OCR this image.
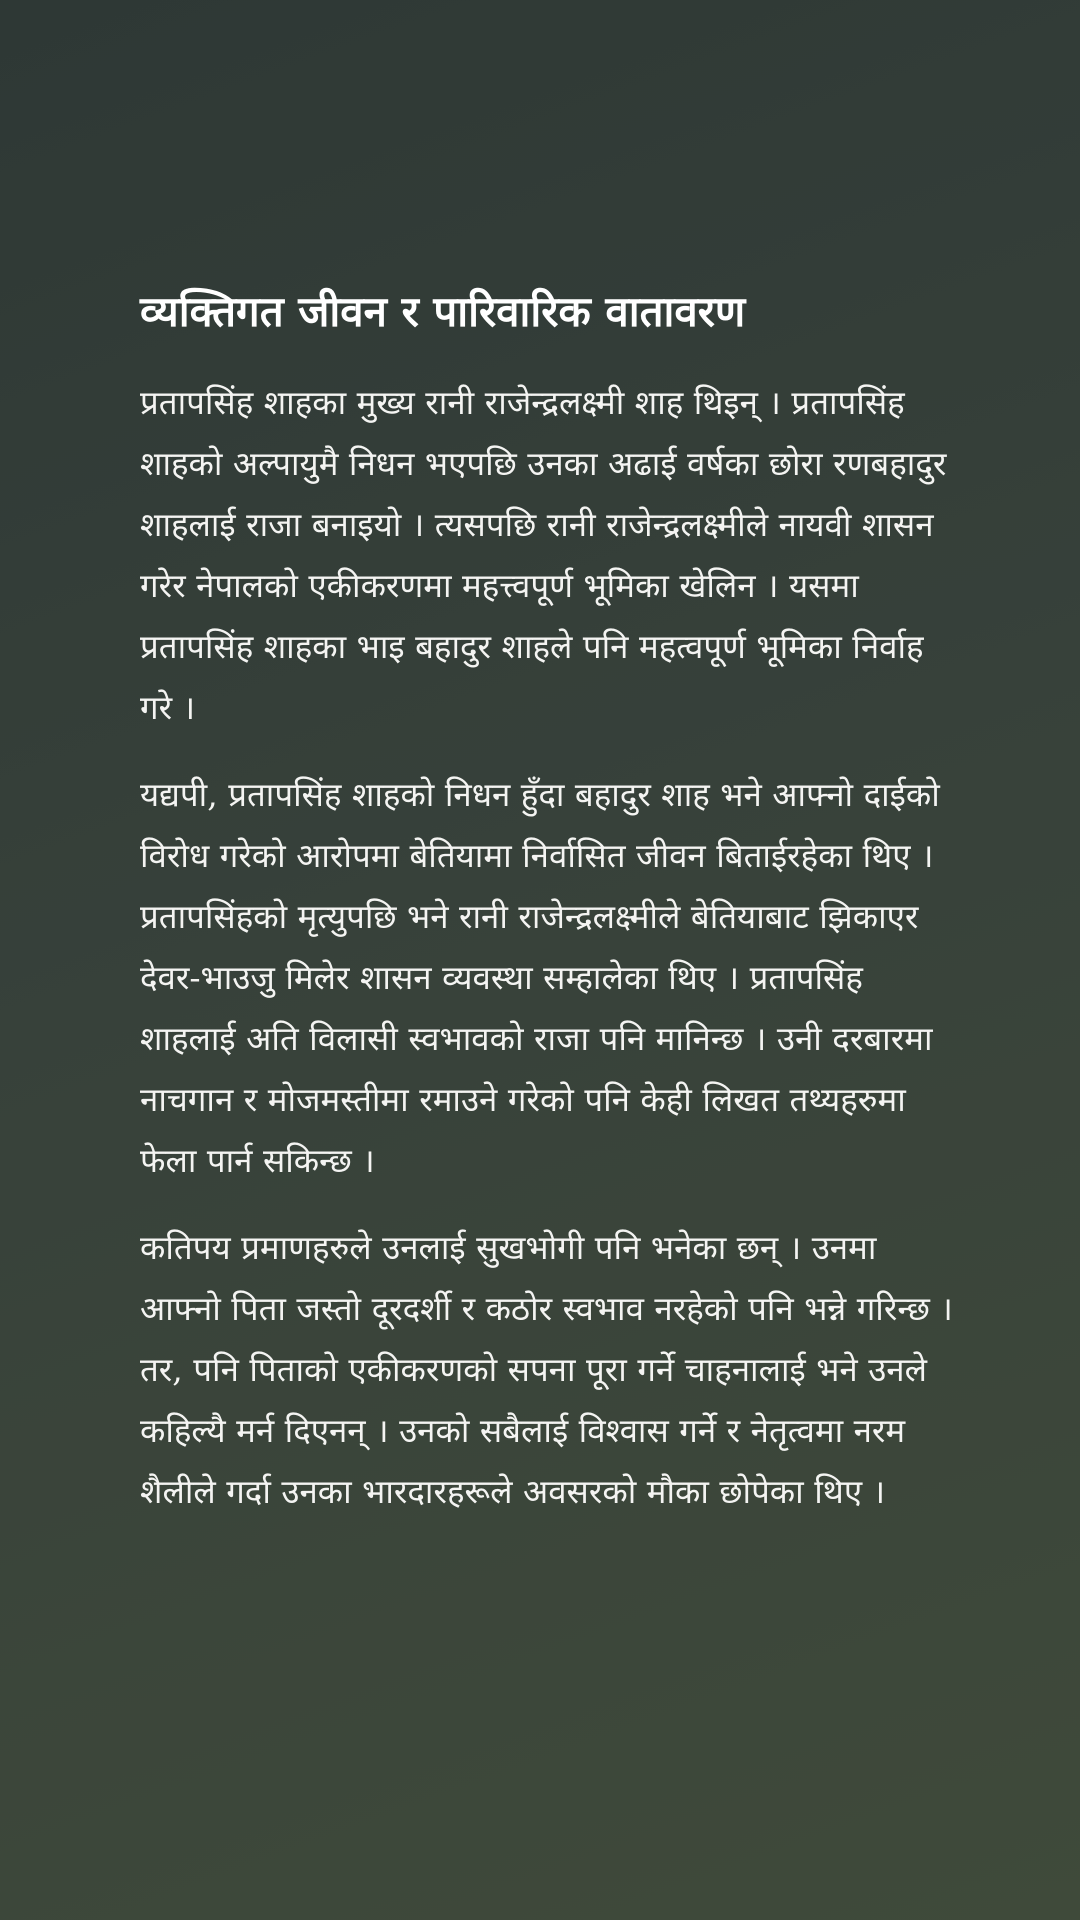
व्यक्तिगत जीवन र पारिवारिक वातावरण

प्रतापसिंह शाहका मुख्य रानी राजेन्द्रलक्ष्मी शाह थिइन् । प्रतापसिंह शाहको अल्पायुमै निधन भएपछि उनका अढाई वर्षका छोरा रणबहादुर शाहलाई राजा बनाइयो । त्यसपछि रानी राजेन्द्रलक्ष्मीले नायवी शासन गरेर नेपालको एकीकरणमा महत्त्वपूर्ण भूमिका खेलिन । यसमा प्रतापसिंह शाहका भाइ बहादुर शाहले पनि महत्वपूर्ण भूमिका निर्वाह गरे ।

यद्यपी, प्रतापसिंह शाहको निधन हुँदा बहादुर शाह भने आफ्नो दाईको विरोध गरेको आरोपमा बेतियामा निर्वासित जीवन बिताईरहेका थिए । प्रतापसिंहको मृत्युपछि भने रानी राजेन्द्रलक्ष्मीले बेतियाबाट झिकाएर देवर-भाउजु मिलेर शासन व्यवस्था सम्हालेका थिए । प्रतापसिंह शाहलाई अति विलासी स्वभावको राजा पनि मानिन्छ । उनी दरबारमा नाचगान र मोजमस्तीमा रमाउने गरेको पनि केही लिखत तथ्यहरुमा फेला पार्न सकिन्छ ।

कतिपय प्रमाणहरुले उनलाई सुखभोगी पनि भनेका छन् । उनमा आफ्नो पिता जस्तो दूरदर्शी र कठोर स्वभाव नरहेको पनि भन्ने गरिन्छ । तर, पनि पिताको एकीकरणको सपना पूरा गर्ने चाहनालाई भने उनले कहिल्यै मर्न दिएनन् । उनको सबैलाई विश्वास गर्ने र नेतृत्वमा नरम शैलीले गर्दा उनका भारदारहरूले अवसरको मौका छोपेका थिए ।
